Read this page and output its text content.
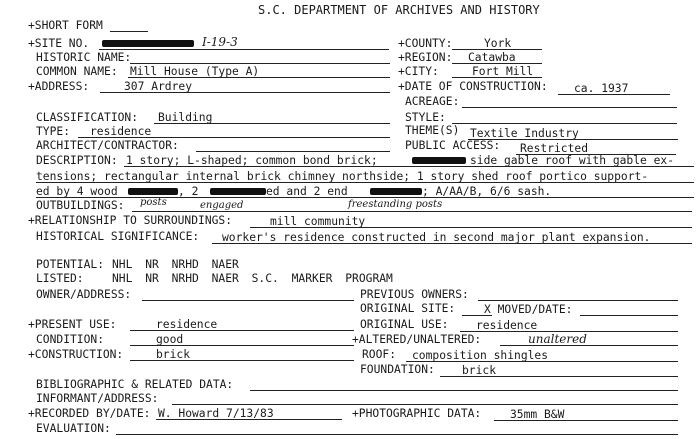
S.C. DEPARTMENT OF ARCHIVES AND HISTORY
+SHORT FORM
+SITE NO.	I-19-3	+COUNTY:	York
HISTORIC NAME:	+REGION: Catawba
COMMON NAME: Mill House (Type A)	+CITY:	Fort Mill
+ADDRESS:	307 Ardrey	+DATE OF CONSTRUCTION: ca. 1937
ACREAGE:
CLASSIFICATION: Building	STYLE:
TYPE: residence	THEME(S) Textile Industry
ARCHITECT/CONTRACTOR:	PUBLIC ACCESS: Restricted
DESCRIPTION: 1 story; L-shaped; common bond brick;	side gable roof with gable ex-
tensions; rectangular internal brick chimney northside; 1 story shed roof portico support-
ed by 4 wood	, 2	ed and 2 end	; A/AA/B, 6/6 sash.
OUTBUILDINGS: posts	engaged	freestanding posts
+RELATIONSHIP TO SURROUNDINGS:	mill community
HISTORICAL SIGNIFICANCE: worker's residence constructed in second major plant expansion.
POTENTIAL: NHL NR NRHD NAER
LISTED:	NHL NR NRHD NAER S.C. MARKER PROGRAM
OWNER/ADDRESS:	PREVIOUS OWNERS:
ORIGINAL SITE:	X MOVED/DATE:
+PRESENT USE:	residence	ORIGINAL USE: residence
CONDITION:	good	+ALTERED/UNALTERED:	unaltered
+CONSTRUCTION:	brick	ROOF: composition shingles
FOUNDATION: brick
BIBLIOGRAPHIC & RELATED DATA:
INFORMANT/ADDRESS:
+RECORDED BY/DATE: W. Howard 7/13/83	+PHOTOGRAPHIC DATA:	35mm B&W
EVALUATION:
